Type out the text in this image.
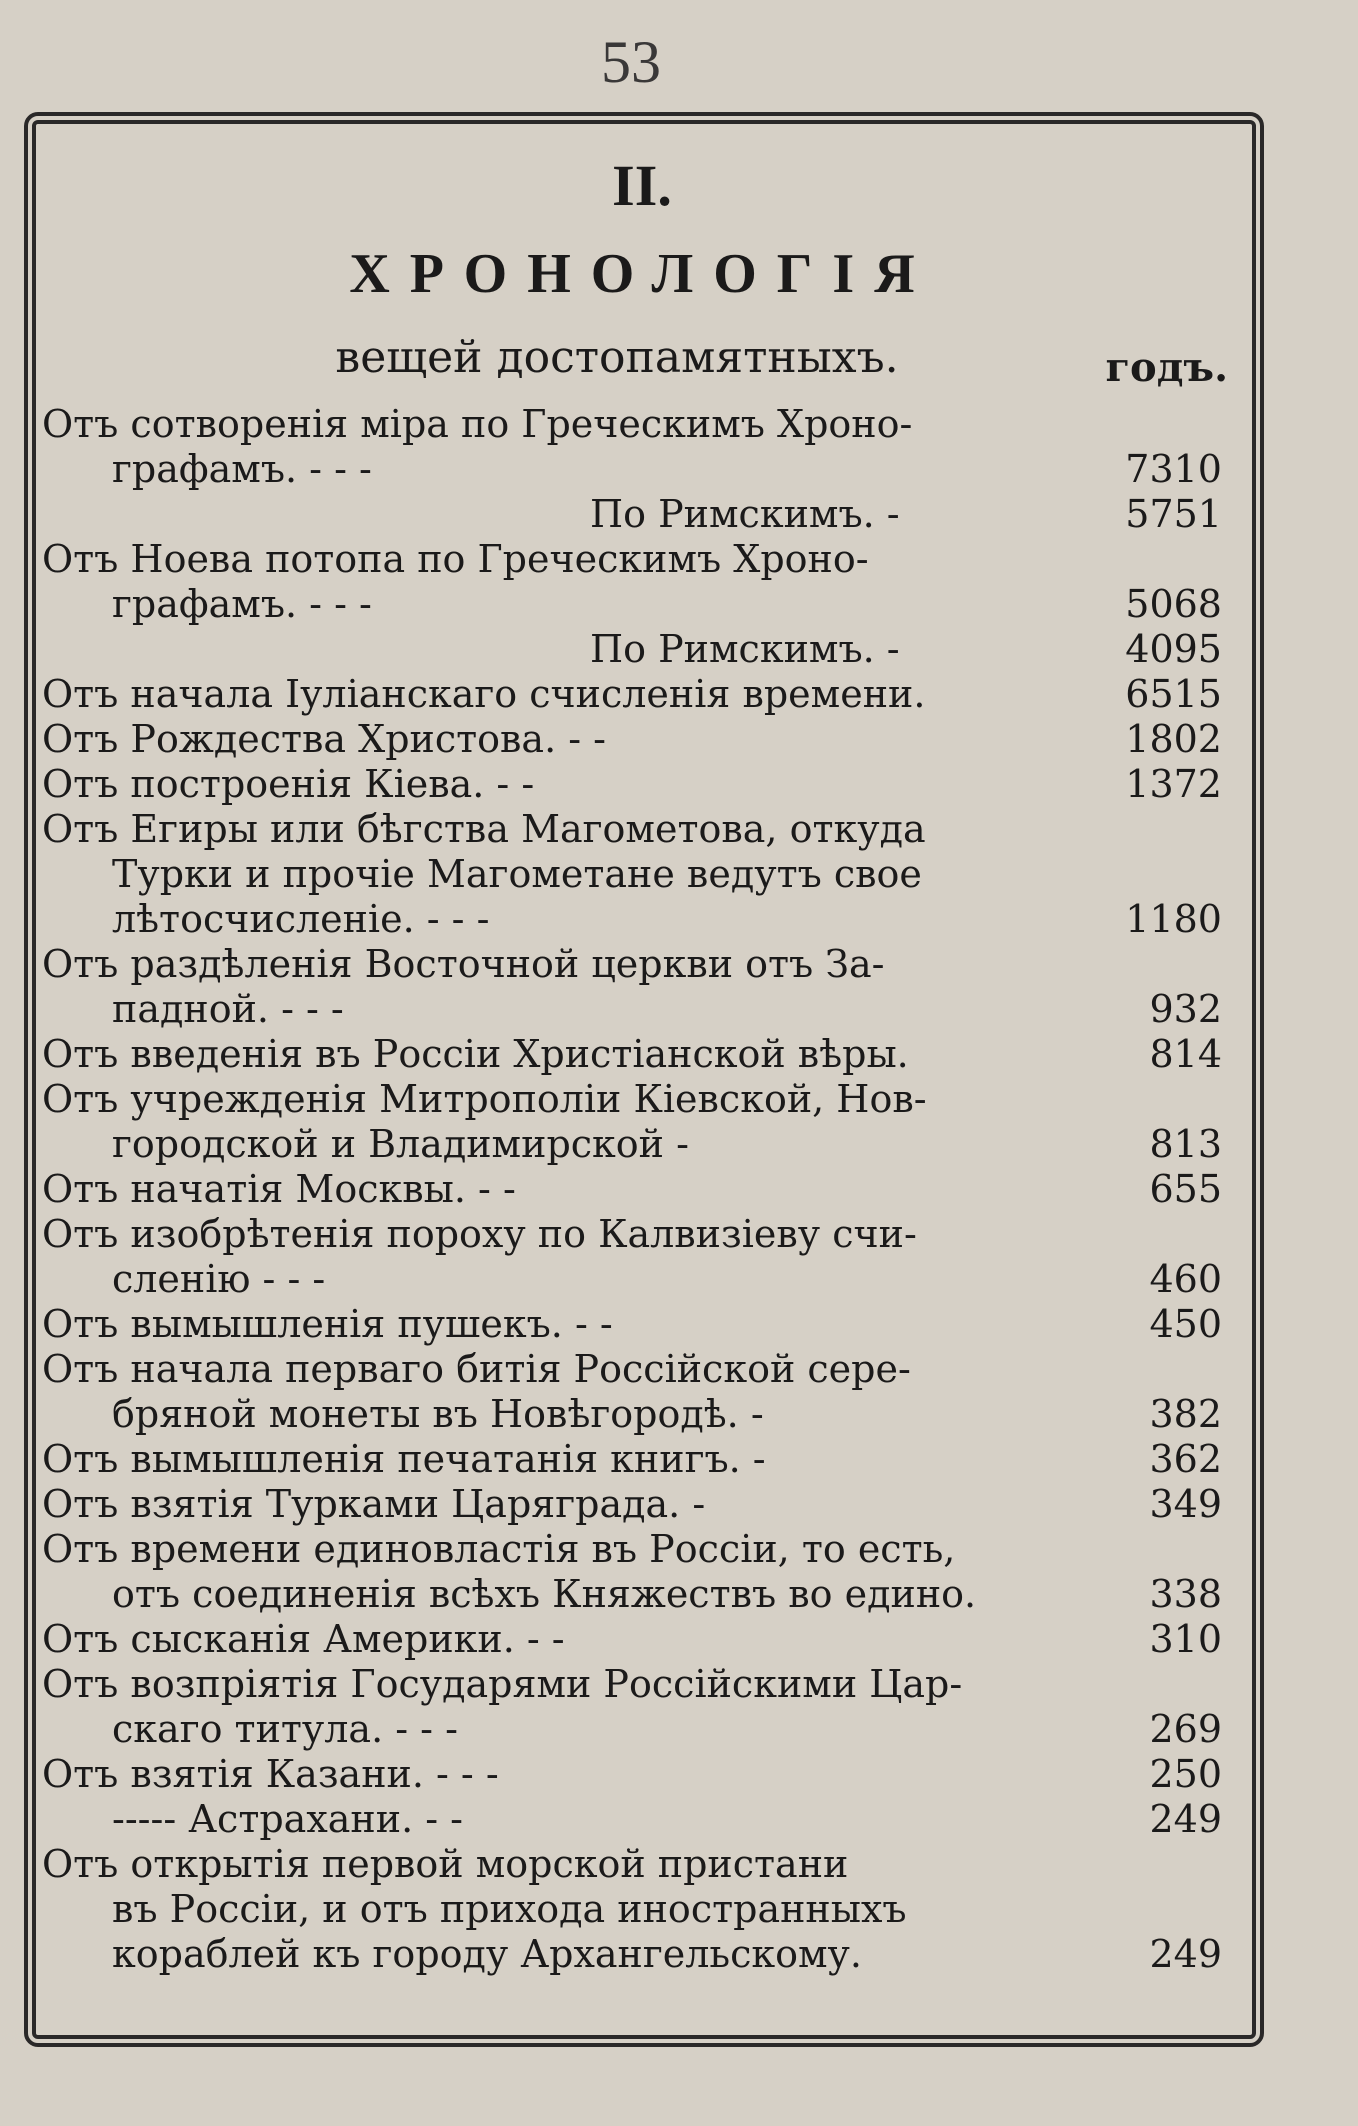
53
II.
ХРОНОЛОГІЯ
вещей достопамятныхъ.	годъ.
Отъ сотворенія міра по Греческимъ Хроно-
графамъ. - - -	7310
По Римскимъ. -	5751
Отъ Ноева потопа по Греческимъ Хроно-
графамъ. - - -	5068
По Римскимъ. -	4095
Отъ начала Іуліанскаго счисленія времени.	6515
Отъ Рождества Христова. - -	1802
Отъ построенія Кіева. - -	1372
Отъ Егиры или бѣгства Магометова, откуда
Турки и прочіе Магометане ведутъ свое
лѣтосчисленіе. - - -	1180
Отъ раздѣленія Восточной церкви отъ За-
падной. - - -	932
Отъ введенія въ Россіи Христіанской вѣры.	814
Отъ учрежденія Митрополіи Кіевской, Нов-
городской и Владимирской -	813
Отъ начатія Москвы. - -	655
Отъ изобрѣтенія пороху по Калвизіеву счи-
сленію - - -	460
Отъ вымышленія пушекъ. - -	450
Отъ начала перваго битія Россійской сере-
бряной монеты въ Новѣгородѣ. -	382
Отъ вымышленія печатанія книгъ. -	362
Отъ взятія Турками Царяграда. -	349
Отъ времени единовластія въ Россіи, то есть,
отъ соединенія всѣхъ Княжествъ во едино.	338
Отъ сысканія Америки. - -	310
Отъ возпріятія Государями Россійскими Цар-
скаго титула. - - -	269
Отъ взятія Казани. - - -	250
----- Астрахани. - -	249
Отъ открытія первой морской пристани
въ Россіи, и отъ прихода иностранныхъ
кораблей къ городу Архангельскому.	249
